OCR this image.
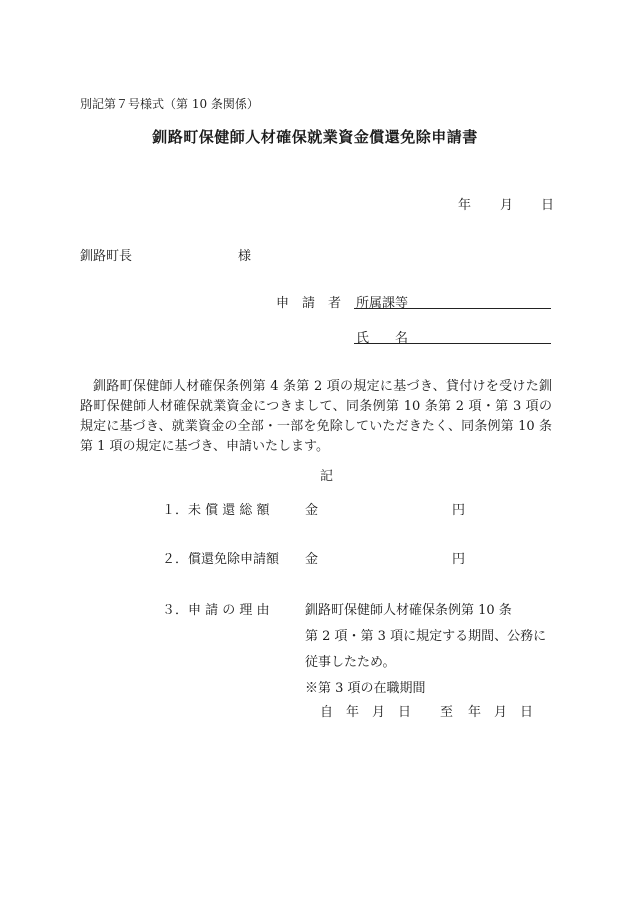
別記第７号様式（第 10 条関係）
釧路町保健師人材確保就業資金償還免除申請書
年 月 日
釧路町長	様
申　請　者 所属課等
氏　　名

釧路町保健師人材確保条例第 4 条第 2 項の規定に基づき、貸付けを受けた釧路町保健師人材確保就業資金につきまして、同条例第 10 条第 2 項・第 3 項の規定に基づき、就業資金の全部・一部を免除していただきたく、同条例第 10 条第 1 項の規定に基づき、申請いたします。

記
１．未 償 還 総 額	金	円
２．償還免除申請額 金	円
３．申 請 の 理 由	釧路町保健師人材確保条例第 10 条
第 2 項・第 3 項に規定する期間、公務に
従事したため。
※第 3 項の在職期間
自 年 月 日 至 年 月 日
